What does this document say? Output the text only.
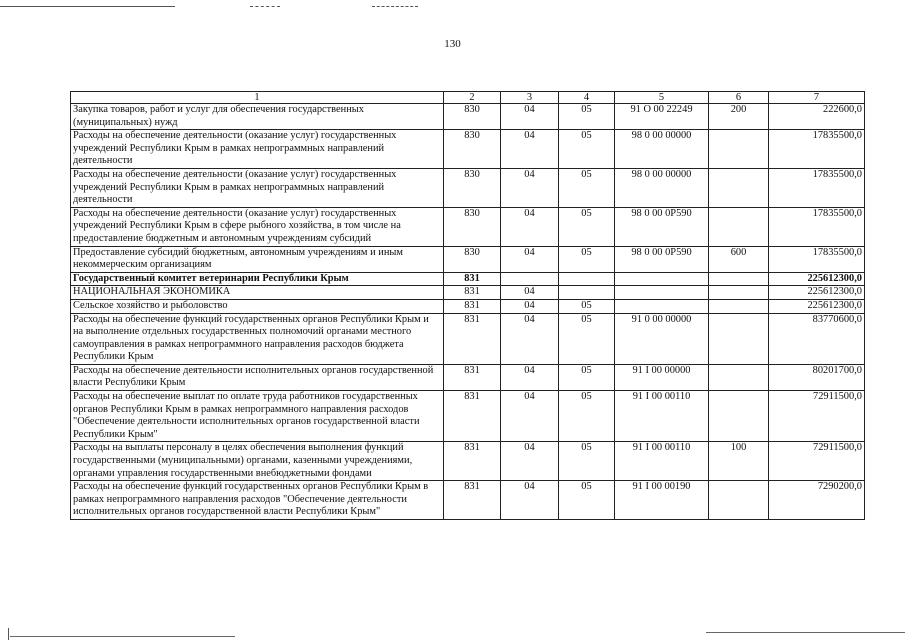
130
1	2	3	4	5	6	7
Закупка товаров, работ и услуг для обеспечения государственных (муниципальных) нужд	830	04	05	91 О 00 22249	200	222600,0
Расходы на обеспечение деятельности (оказание услуг) государственных учреждений Республики Крым в рамках непрограммных направлений деятельности	830	04	05	98 0 00 00000		17835500,0
Расходы на обеспечение деятельности (оказание услуг) государственных учреждений Республики Крым в рамках непрограммных направлений деятельности	830	04	05	98 0 00 00000		17835500,0
Расходы на обеспечение деятельности (оказание услуг) государственных учреждений Республики Крым в сфере рыбного хозяйства, в том числе на предоставление бюджетным и автономным учреждениям субсидий	830	04	05	98 0 00 0Р590		17835500,0
Предоставление субсидий бюджетным, автономным учреждениям и иным некоммерческим организациям	830	04	05	98 0 00 0Р590	600	17835500,0
Государственный комитет ветеринарии Республики Крым	831					225612300,0
НАЦИОНАЛЬНАЯ ЭКОНОМИКА	831	04				225612300,0
Сельское хозяйство и рыболовство	831	04	05			225612300,0
Расходы на обеспечение функций государственных органов Республики Крым и на выполнение отдельных государственных полномочий органами местного самоуправления в рамках непрограммного направления расходов бюджета Республики Крым	831	04	05	91 0 00 00000		83770600,0
Расходы на обеспечение деятельности исполнительных органов государственной власти Республики Крым	831	04	05	91 I 00 00000		80201700,0
Расходы на обеспечение выплат по оплате труда работников государственных органов Республики Крым в рамках непрограммного направления расходов "Обеспечение деятельности исполнительных органов государственной власти Республики Крым"	831	04	05	91 I 00 00110		72911500,0
Расходы на выплаты персоналу в целях обеспечения выполнения функций государственными (муниципальными) органами, казенными учреждениями, органами управления государственными внебюджетными фондами	831	04	05	91 I 00 00110	100	72911500,0
Расходы на обеспечение функций государственных органов Республики Крым в рамках непрограммного направления расходов "Обеспечение деятельности исполнительных органов государственной власти Республики Крым"	831	04	05	91 I 00 00190		7290200,0
